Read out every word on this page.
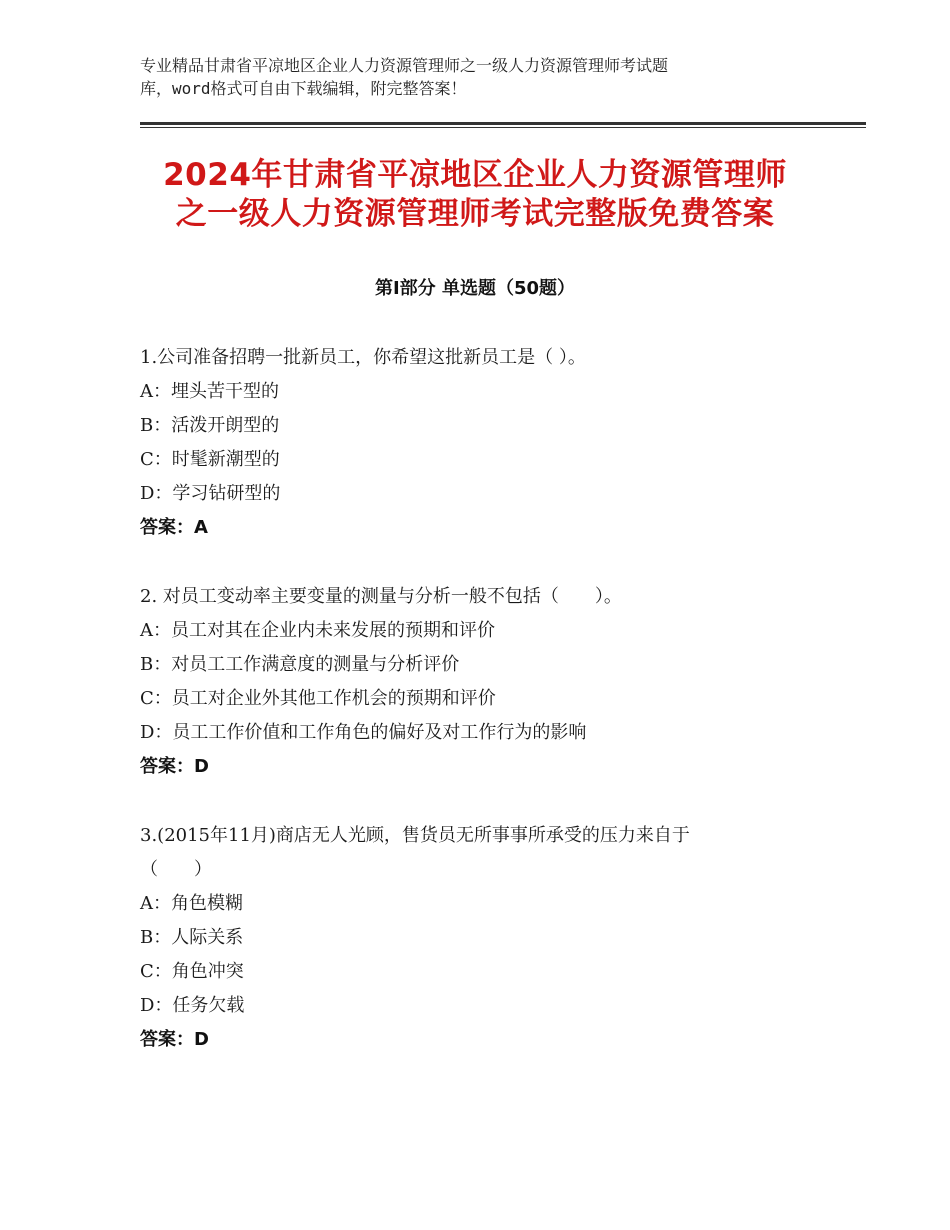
专业精品甘肃省平凉地区企业人力资源管理师之一级人力资源管理师考试题
库，word格式可自由下载编辑，附完整答案！
2024年甘肃省平凉地区企业人力资源管理师
之一级人力资源管理师考试完整版免费答案
第Ⅰ部分 单选题（50题）
1.公司准备招聘一批新员工，你希望这批新员工是（ ）。
A：埋头苦干型的
B：活泼开朗型的
C：时髦新潮型的
D：学习钻研型的
答案：A
2. 对员工变动率主要变量的测量与分析一般不包括（　　）。
A：员工对其在企业内未来发展的预期和评价
B：对员工工作满意度的测量与分析评价
C：员工对企业外其他工作机会的预期和评价
D：员工工作价值和工作角色的偏好及对工作行为的影响
答案：D
3.(2015年11月)商店无人光顾，售货员无所事事所承受的压力来自于
（　　）
A：角色模糊
B：人际关系
C：角色冲突
D：任务欠载
答案：D
